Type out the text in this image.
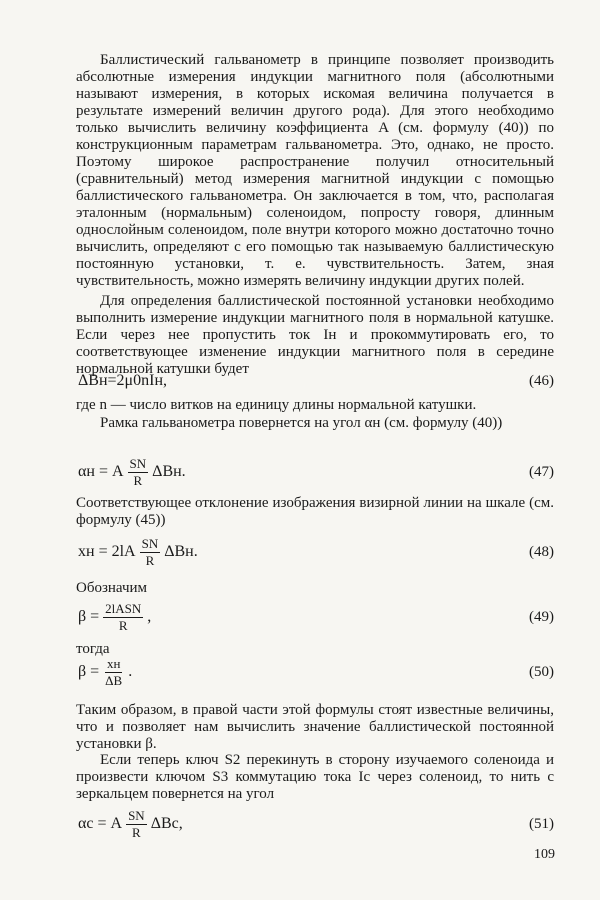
Баллистический гальванометр в принципе позволяет производить абсолютные измерения индукции магнитного поля (абсолютными называют измерения, в которых искомая величина получается в результате измерений величин другого рода). Для этого необходимо только вычислить величину коэффициента A (см. формулу (40)) по конструкционным параметрам гальванометра. Это, однако, не просто. Поэтому широкое распространение получил относительный (сравнительный) метод измерения магнитной индукции с помощью баллистического гальванометра. Он заключается в том, что, располагая эталонным (нормальным) соленоидом, попросту говоря, длинным однослойным соленоидом, поле внутри которого можно достаточно точно вычислить, определяют с его помощью так называемую баллистическую постоянную установки, т. е. чувствительность. Затем, зная чувствительность, можно измерять величину индукции других полей.

Для определения баллистической постоянной установки необходимо выполнить измерение индукции магнитного поля в нормальной катушке. Если через нее пропустить ток Iн и прокоммутировать его, то соответствующее изменение индукции магнитного поля в середине нормальной катушки будет

ΔBн=2μ0nIн,	(46)

где n — число витков на единицу длины нормальной катушки.

Рамка гальванометра повернется на угол αн (см. формулу (40))

αн = A $\frac{SN}{R} \Delta Bн$.	(47)

Соответствующее отклонение изображения визирной линии на шкале (см. формулу (45))

xн = $2lA \frac{SN}{R} \Delta Bн$.	(48)

Обозначим

$\beta = \frac{\text{2lASN}}{R}$ ,	(49)

тогда

$\beta = \frac{xн}{\Delta B}$ .	(50)

Таким образом, в правой части этой формулы стоят известные величины, что и позволяет нам вычислить значение баллистической постоянной установки β.

Если теперь ключ S2 перекинуть в сторону изучаемого соленоида и произвести ключом S3 коммутацию тока Iс через соленоид, то нить с зеркальцем повернется на угол

αс = A $\frac{SN}{R} \Delta Bс$,	(51)
109
